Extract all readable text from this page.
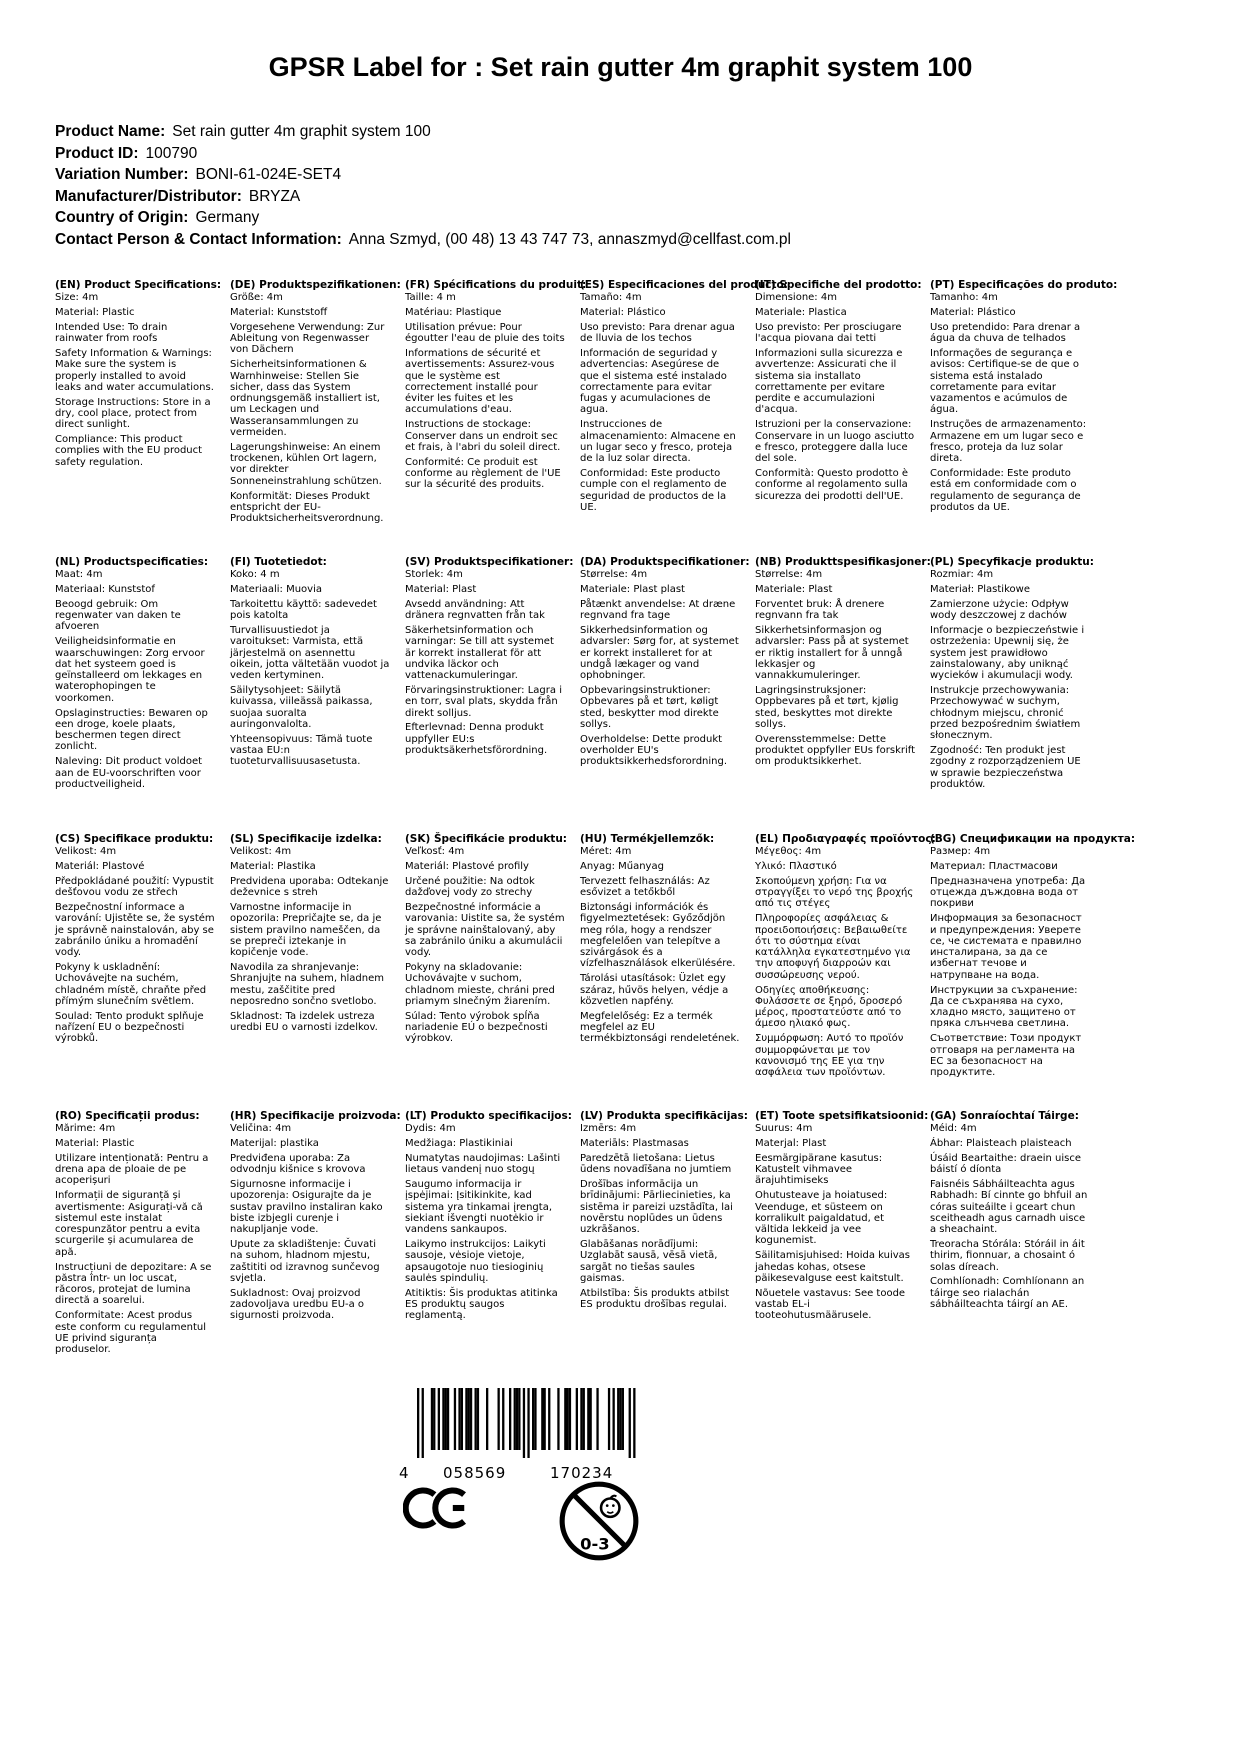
GPSR Label for : Set rain gutter 4m graphit system 100
Product Name: Set rain gutter 4m graphit system 100
Product ID: 100790
Variation Number: BONI-61-024E-SET4
Manufacturer/Distributor: BRYZA
Country of Origin: Germany
Contact Person & Contact Information: Anna Szmyd, (00 48) 13 43 747 73, annaszmyd@cellfast.com.pl
(EN) Product Specifications:
Size: 4m
Material: Plastic
Intended Use: To drain rainwater from roofs
Safety Information & Warnings: Make sure the system is properly installed to avoid leaks and water accumulations.
Storage Instructions: Store in a dry, cool place, protect from direct sunlight.
Compliance: This product complies with the EU product safety regulation.
(DE) Produktspezifikationen:
Größe: 4m
Material: Kunststoff
Vorgesehene Verwendung: Zur Ableitung von Regenwasser von Dächern
Sicherheitsinformationen & Warnhinweise: Stellen Sie sicher, dass das System ordnungsgemäß installiert ist, um Leckagen und Wasseransammlungen zu vermeiden.
Lagerungshinweise: An einem trockenen, kühlen Ort lagern, vor direkter Sonneneinstrahlung schützen.
Konformität: Dieses Produkt entspricht der EU-Produktsicherheitsverordnung.
(FR) Spécifications du produit:
Taille: 4 m
Matériau: Plastique
Utilisation prévue: Pour égoutter l'eau de pluie des toits
Informations de sécurité et avertissements: Assurez-vous que le système est correctement installé pour éviter les fuites et les accumulations d'eau.
Instructions de stockage: Conserver dans un endroit sec et frais, à l'abri du soleil direct.
Conformité: Ce produit est conforme au règlement de l'UE sur la sécurité des produits.
(ES) Especificaciones del producto:
Tamaño: 4m
Material: Plástico
Uso previsto: Para drenar agua de lluvia de los techos
Información de seguridad y advertencias: Asegúrese de que el sistema esté instalado correctamente para evitar fugas y acumulaciones de agua.
Instrucciones de almacenamiento: Almacene en un lugar seco y fresco, proteja de la luz solar directa.
Conformidad: Este producto cumple con el reglamento de seguridad de productos de la UE.
(IT) Specifiche del prodotto:
Dimensione: 4m
Materiale: Plastica
Uso previsto: Per prosciugare l'acqua piovana dai tetti
Informazioni sulla sicurezza e avvertenze: Assicurati che il sistema sia installato correttamente per evitare perdite e accumulazioni d'acqua.
Istruzioni per la conservazione: Conservare in un luogo asciutto e fresco, proteggere dalla luce del sole.
Conformità: Questo prodotto è conforme al regolamento sulla sicurezza dei prodotti dell'UE.
(PT) Especificações do produto:
Tamanho: 4m
Material: Plástico
Uso pretendido: Para drenar a água da chuva de telhados
Informações de segurança e avisos: Certifique-se de que o sistema está instalado corretamente para evitar vazamentos e acúmulos de água.
Instruções de armazenamento: Armazene em um lugar seco e fresco, proteja da luz solar direta.
Conformidade: Este produto está em conformidade com o regulamento de segurança de produtos da UE.
(NL) Productspecificaties:
Maat: 4m
Materiaal: Kunststof
Beoogd gebruik: Om regenwater van daken te afvoeren
Veiligheidsinformatie en waarschuwingen: Zorg ervoor dat het systeem goed is geïnstalleerd om lekkages en waterophopingen te voorkomen.
Opslaginstructies: Bewaren op een droge, koele plaats, beschermen tegen direct zonlicht.
Naleving: Dit product voldoet aan de EU-voorschriften voor productveiligheid.
(FI) Tuotetiedot:
Koko: 4 m
Materiaali: Muovia
Tarkoitettu käyttö: sadevedet pois katolta
Turvallisuustiedot ja varoitukset: Varmista, että järjestelmä on asennettu oikein, jotta vältetään vuodot ja veden kertyminen.
Säilytysohjeet: Säilytä kuivassa, viileässä paikassa, suojaa suoralta auringonvalolta.
Yhteensopivuus: Tämä tuote vastaa EU:n tuoteturvallisuusasetusta.
(SV) Produktspecifikationer:
Storlek: 4m
Material: Plast
Avsedd användning: Att dränera regnvatten från tak
Säkerhetsinformation och varningar: Se till att systemet är korrekt installerat för att undvika läckor och vattenackumuleringar.
Förvaringsinstruktioner: Lagra i en torr, sval plats, skydda från direkt solljus.
Efterlevnad: Denna produkt uppfyller EU:s produktsäkerhetsförordning.
(DA) Produktspecifikationer:
Størrelse: 4m
Materiale: Plast plast
Påtænkt anvendelse: At dræne regnvand fra tage
Sikkerhedsinformation og advarsler: Sørg for, at systemet er korrekt installeret for at undgå lækager og vand ophobninger.
Opbevaringsinstruktioner: Opbevares på et tørt, køligt sted, beskytter mod direkte sollys.
Overholdelse: Dette produkt overholder EU's produktsikkerhedsforordning.
(NB) Produkttspesifikasjoner:
Størrelse: 4m
Materiale: Plast
Forventet bruk: Å drenere regnvann fra tak
Sikkerhetsinformasjon og advarsler: Pass på at systemet er riktig installert for å unngå lekkasjer og vannakkumuleringer.
Lagringsinstruksjoner: Oppbevares på et tørt, kjølig sted, beskyttes mot direkte sollys.
Overensstemmelse: Dette produktet oppfyller EUs forskrift om produktsikkerhet.
(PL) Specyfikacje produktu:
Rozmiar: 4m
Materiał: Plastikowe
Zamierzone użycie: Odpływ wody deszczowej z dachów
Informacje o bezpieczeństwie i ostrzeżenia: Upewnij się, że system jest prawidłowo zainstalowany, aby uniknąć wycieków i akumulacji wody.
Instrukcje przechowywania: Przechowywać w suchym, chłodnym miejscu, chronić przed bezpośrednim światłem słonecznym.
Zgodność: Ten produkt jest zgodny z rozporządzeniem UE w sprawie bezpieczeństwa produktów.
(CS) Specifikace produktu:
Velikost: 4m
Materiál: Plastové
Předpokládané použití: Vypustit dešťovou vodu ze střech
Bezpečnostní informace a varování: Ujistěte se, že systém je správně nainstalován, aby se zabránilo úniku a hromadění vody.
Pokyny k uskladnění: Uchovávejte na suchém, chladném místě, chraňte před přímým slunečním světlem.
Soulad: Tento produkt splňuje nařízení EU o bezpečnosti výrobků.
(SL) Specifikacije izdelka:
Velikost: 4m
Material: Plastika
Predvidena uporaba: Odtekanje deževnice s streh
Varnostne informacije in opozorila: Prepričajte se, da je sistem pravilno nameščen, da se prepreči iztekanje in kopičenje vode.
Navodila za shranjevanje: Shranjujte na suhem, hladnem mestu, zaščitite pred neposredno sončno svetlobo.
Skladnost: Ta izdelek ustreza uredbi EU o varnosti izdelkov.
(SK) Špecifikácie produktu:
Veľkosť: 4m
Materiál: Plastové profily
Určené použitie: Na odtok dažďovej vody zo strechy
Bezpečnostné informácie a varovania: Uistite sa, že systém je správne nainštalovaný, aby sa zabránilo úniku a akumulácii vody.
Pokyny na skladovanie: Uchovávajte v suchom, chladnom mieste, chráni pred priamym slnečným žiarením.
Súlad: Tento výrobok spĺňa nariadenie EÚ o bezpečnosti výrobkov.
(HU) Termékjellemzők:
Méret: 4m
Anyag: Műanyag
Tervezett felhasználás: Az esővizet a tetőkből
Biztonsági információk és figyelmeztetések: Győződjön meg róla, hogy a rendszer megfelelően van telepítve a szivárgások és a vízfelhasználások elkerülésére.
Tárolási utasítások: Üzlet egy száraz, hűvös helyen, védje a közvetlen napfény.
Megfelelőség: Ez a termék megfelel az EU termékbiztonsági rendeletének.
(EL) Προδιαγραφές προϊόντος:
Μέγεθος: 4m
Υλικό: Πλαστικό
Σκοπούμενη χρήση: Για να στραγγίξει το νερό της βροχής από τις στέγες
Πληροφορίες ασφάλειας & προειδοποιήσεις: Βεβαιωθείτε ότι το σύστημα είναι κατάλληλα εγκατεστημένο για την αποφυγή διαρροών και συσσώρευσης νερού.
Οδηγίες αποθήκευσης: Φυλάσσετε σε ξηρό, δροσερό μέρος, προστατεύστε από το άμεσο ηλιακό φως.
Συμμόρφωση: Αυτό το προϊόν συμμορφώνεται με τον κανονισμό της ΕΕ για την ασφάλεια των προϊόντων.
(BG) Спецификации на продукта:
Размер: 4m
Материал: Пластмасови
Предназначена употреба: Да отцежда дъждовна вода от покриви
Информация за безопасност и предупреждения: Уверете се, че системата е правилно инсталирана, за да се избегнат течове и натрупване на вода.
Инструкции за съхранение: Да се съхранява на сухо, хладно място, защитено от пряка слънчева светлина.
Съответствие: Този продукт отговаря на регламента на ЕС за безопасност на продуктите.
(RO) Specificații produs:
Mărime: 4m
Material: Plastic
Utilizare intenționată: Pentru a drena apa de ploaie de pe acoperișuri
Informații de siguranță și avertismente: Asigurați-vă că sistemul este instalat corespunzător pentru a evita scurgerile și acumularea de apă.
Instrucțiuni de depozitare: A se păstra într- un loc uscat, răcoros, protejat de lumina directă a soarelui.
Conformitate: Acest produs este conform cu regulamentul UE privind siguranța produselor.
(HR) Specifikacije proizvoda:
Veličina: 4m
Materijal: plastika
Predviđena uporaba: Za odvodnju kišnice s krovova
Sigurnosne informacije i upozorenja: Osigurajte da je sustav pravilno instaliran kako biste izbjegli curenje i nakupljanje vode.
Upute za skladištenje: Čuvati na suhom, hladnom mjestu, zaštititi od izravnog sunčevog svjetla.
Sukladnost: Ovaj proizvod zadovoljava uredbu EU-a o sigurnosti proizvoda.
(LT) Produkto specifikacijos:
Dydis: 4m
Medžiaga: Plastikiniai
Numatytas naudojimas: Lašinti lietaus vandenį nuo stogų
Saugumo informacija ir įspėjimai: Įsitikinkite, kad sistema yra tinkamai įrengta, siekiant išvengti nuotėkio ir vandens sankaupos.
Laikymo instrukcijos: Laikyti sausoje, vėsioje vietoje, apsaugotoje nuo tiesioginių saulės spindulių.
Atitiktis: Šis produktas atitinka ES produktų saugos reglamentą.
(LV) Produkta specifikācijas:
Izmērs: 4m
Materiāls: Plastmasas
Paredzētā lietošana: Lietus ūdens novadīšana no jumtiem
Drošības informācija un brīdinājumi: Pārliecinieties, ka sistēma ir pareizi uzstādīta, lai novērstu noplūdes un ūdens uzkrāšanos.
Glabāšanas norādījumi: Uzglabāt sausā, vēsā vietā, sargāt no tiešas saules gaismas.
Atbilstība: Šis produkts atbilst ES produktu drošības regulai.
(ET) Toote spetsifikatsioonid:
Suurus: 4m
Materjal: Plast
Eesmärgipärane kasutus: Katustelt vihmavee ärajuhtimiseks
Ohutusteave ja hoiatused: Veenduge, et süsteem on korralikult paigaldatud, et vältida lekkeid ja vee kogunemist.
Säilitamisjuhised: Hoida kuivas jahedas kohas, otsese päikesevalguse eest kaitstult.
Nõuetele vastavus: See toode vastab EL-i tooteohutusmäärusele.
(GA) Sonraíochtaí Táirge:
Méid: 4m
Ábhar: Plaisteach plaisteach
Úsáid Beartaithe: draein uisce báistí ó díonta
Faisnéis Sábháilteachta agus Rabhadh: Bí cinnte go bhfuil an córas suiteáilte i gceart chun sceitheadh agus carnadh uisce a sheachaint.
Treoracha Stórála: Stóráil in áit thirim, fionnuar, a chosaint ó solas díreach.
Comhlíonadh: Comhlíonann an táirge seo rialachán sábháilteachta táirgí an AE.
4 058569	170234
0-3
